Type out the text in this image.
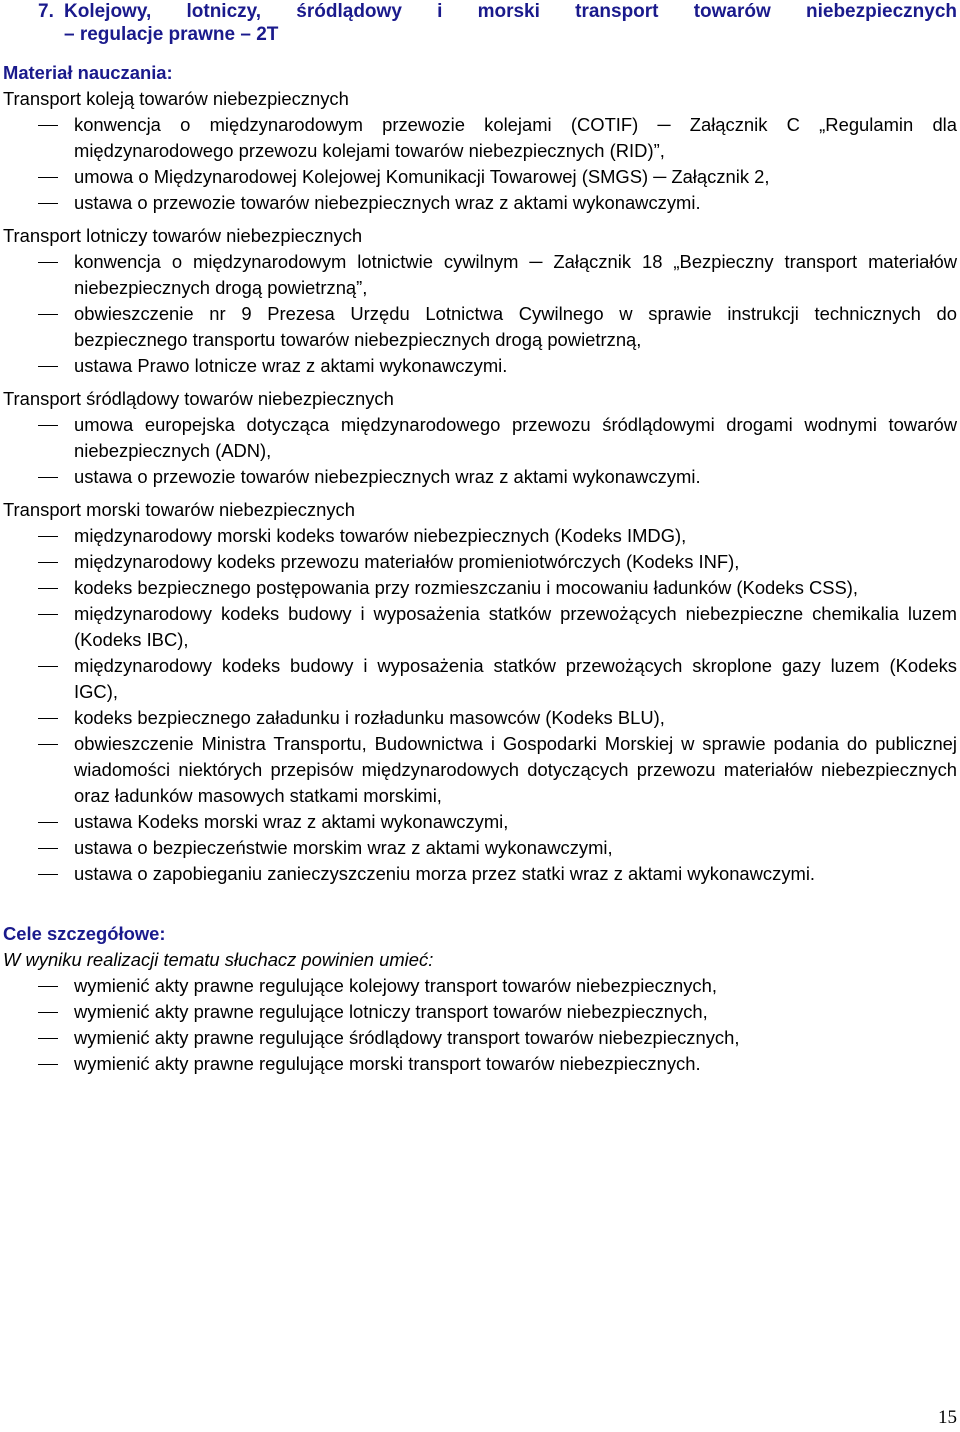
7. Kolejowy, lotniczy, śródlądowy i morski transport towarów niebezpiecznych
– regulacje prawne – 2T
Materiał nauczania:
Transport koleją towarów niebezpiecznych
konwencja o międzynarodowym przewozie kolejami (COTIF) ─ Załącznik C „Regulamin dla międzynarodowego przewozu kolejami towarów niebezpiecznych (RID)”,
umowa o Międzynarodowej Kolejowej Komunikacji Towarowej (SMGS) ─ Załącznik 2,
ustawa o przewozie towarów niebezpiecznych wraz z aktami wykonawczymi.
Transport lotniczy towarów niebezpiecznych
konwencja o międzynarodowym lotnictwie cywilnym ─ Załącznik 18 „Bezpieczny transport materiałów niebezpiecznych drogą powietrzną”,
obwieszczenie nr 9 Prezesa Urzędu Lotnictwa Cywilnego w sprawie instrukcji technicznych do bezpiecznego transportu towarów niebezpiecznych drogą powietrzną,
ustawa Prawo lotnicze wraz z aktami wykonawczymi.
Transport śródlądowy towarów niebezpiecznych
umowa europejska dotycząca międzynarodowego przewozu śródlądowymi drogami wodnymi towarów niebezpiecznych (ADN),
ustawa o przewozie towarów niebezpiecznych wraz z aktami wykonawczymi.
Transport morski towarów niebezpiecznych
międzynarodowy morski kodeks towarów niebezpiecznych (Kodeks IMDG),
międzynarodowy kodeks przewozu materiałów promieniotwórczych (Kodeks INF),
kodeks bezpiecznego postępowania przy rozmieszczaniu i mocowaniu ładunków (Kodeks CSS),
międzynarodowy kodeks budowy i wyposażenia statków przewożących niebezpieczne chemikalia luzem (Kodeks IBC),
międzynarodowy kodeks budowy i wyposażenia statków przewożących skroplone gazy luzem (Kodeks IGC),
kodeks bezpiecznego załadunku i rozładunku masowców (Kodeks BLU),
obwieszczenie Ministra Transportu, Budownictwa i Gospodarki Morskiej w sprawie podania do publicznej wiadomości niektórych przepisów międzynarodowych dotyczących przewozu materiałów niebezpiecznych oraz ładunków masowych statkami morskimi,
ustawa Kodeks morski wraz z aktami wykonawczymi,
ustawa o bezpieczeństwie morskim wraz z aktami wykonawczymi,
ustawa o zapobieganiu zanieczyszczeniu morza przez statki wraz z aktami wykonawczymi.
Cele szczegółowe:
W wyniku realizacji tematu słuchacz powinien umieć:
wymienić akty prawne regulujące kolejowy transport towarów niebezpiecznych,
wymienić akty prawne regulujące lotniczy transport towarów niebezpiecznych,
wymienić akty prawne regulujące śródlądowy transport towarów niebezpiecznych,
wymienić akty prawne regulujące morski transport towarów niebezpiecznych.
15
